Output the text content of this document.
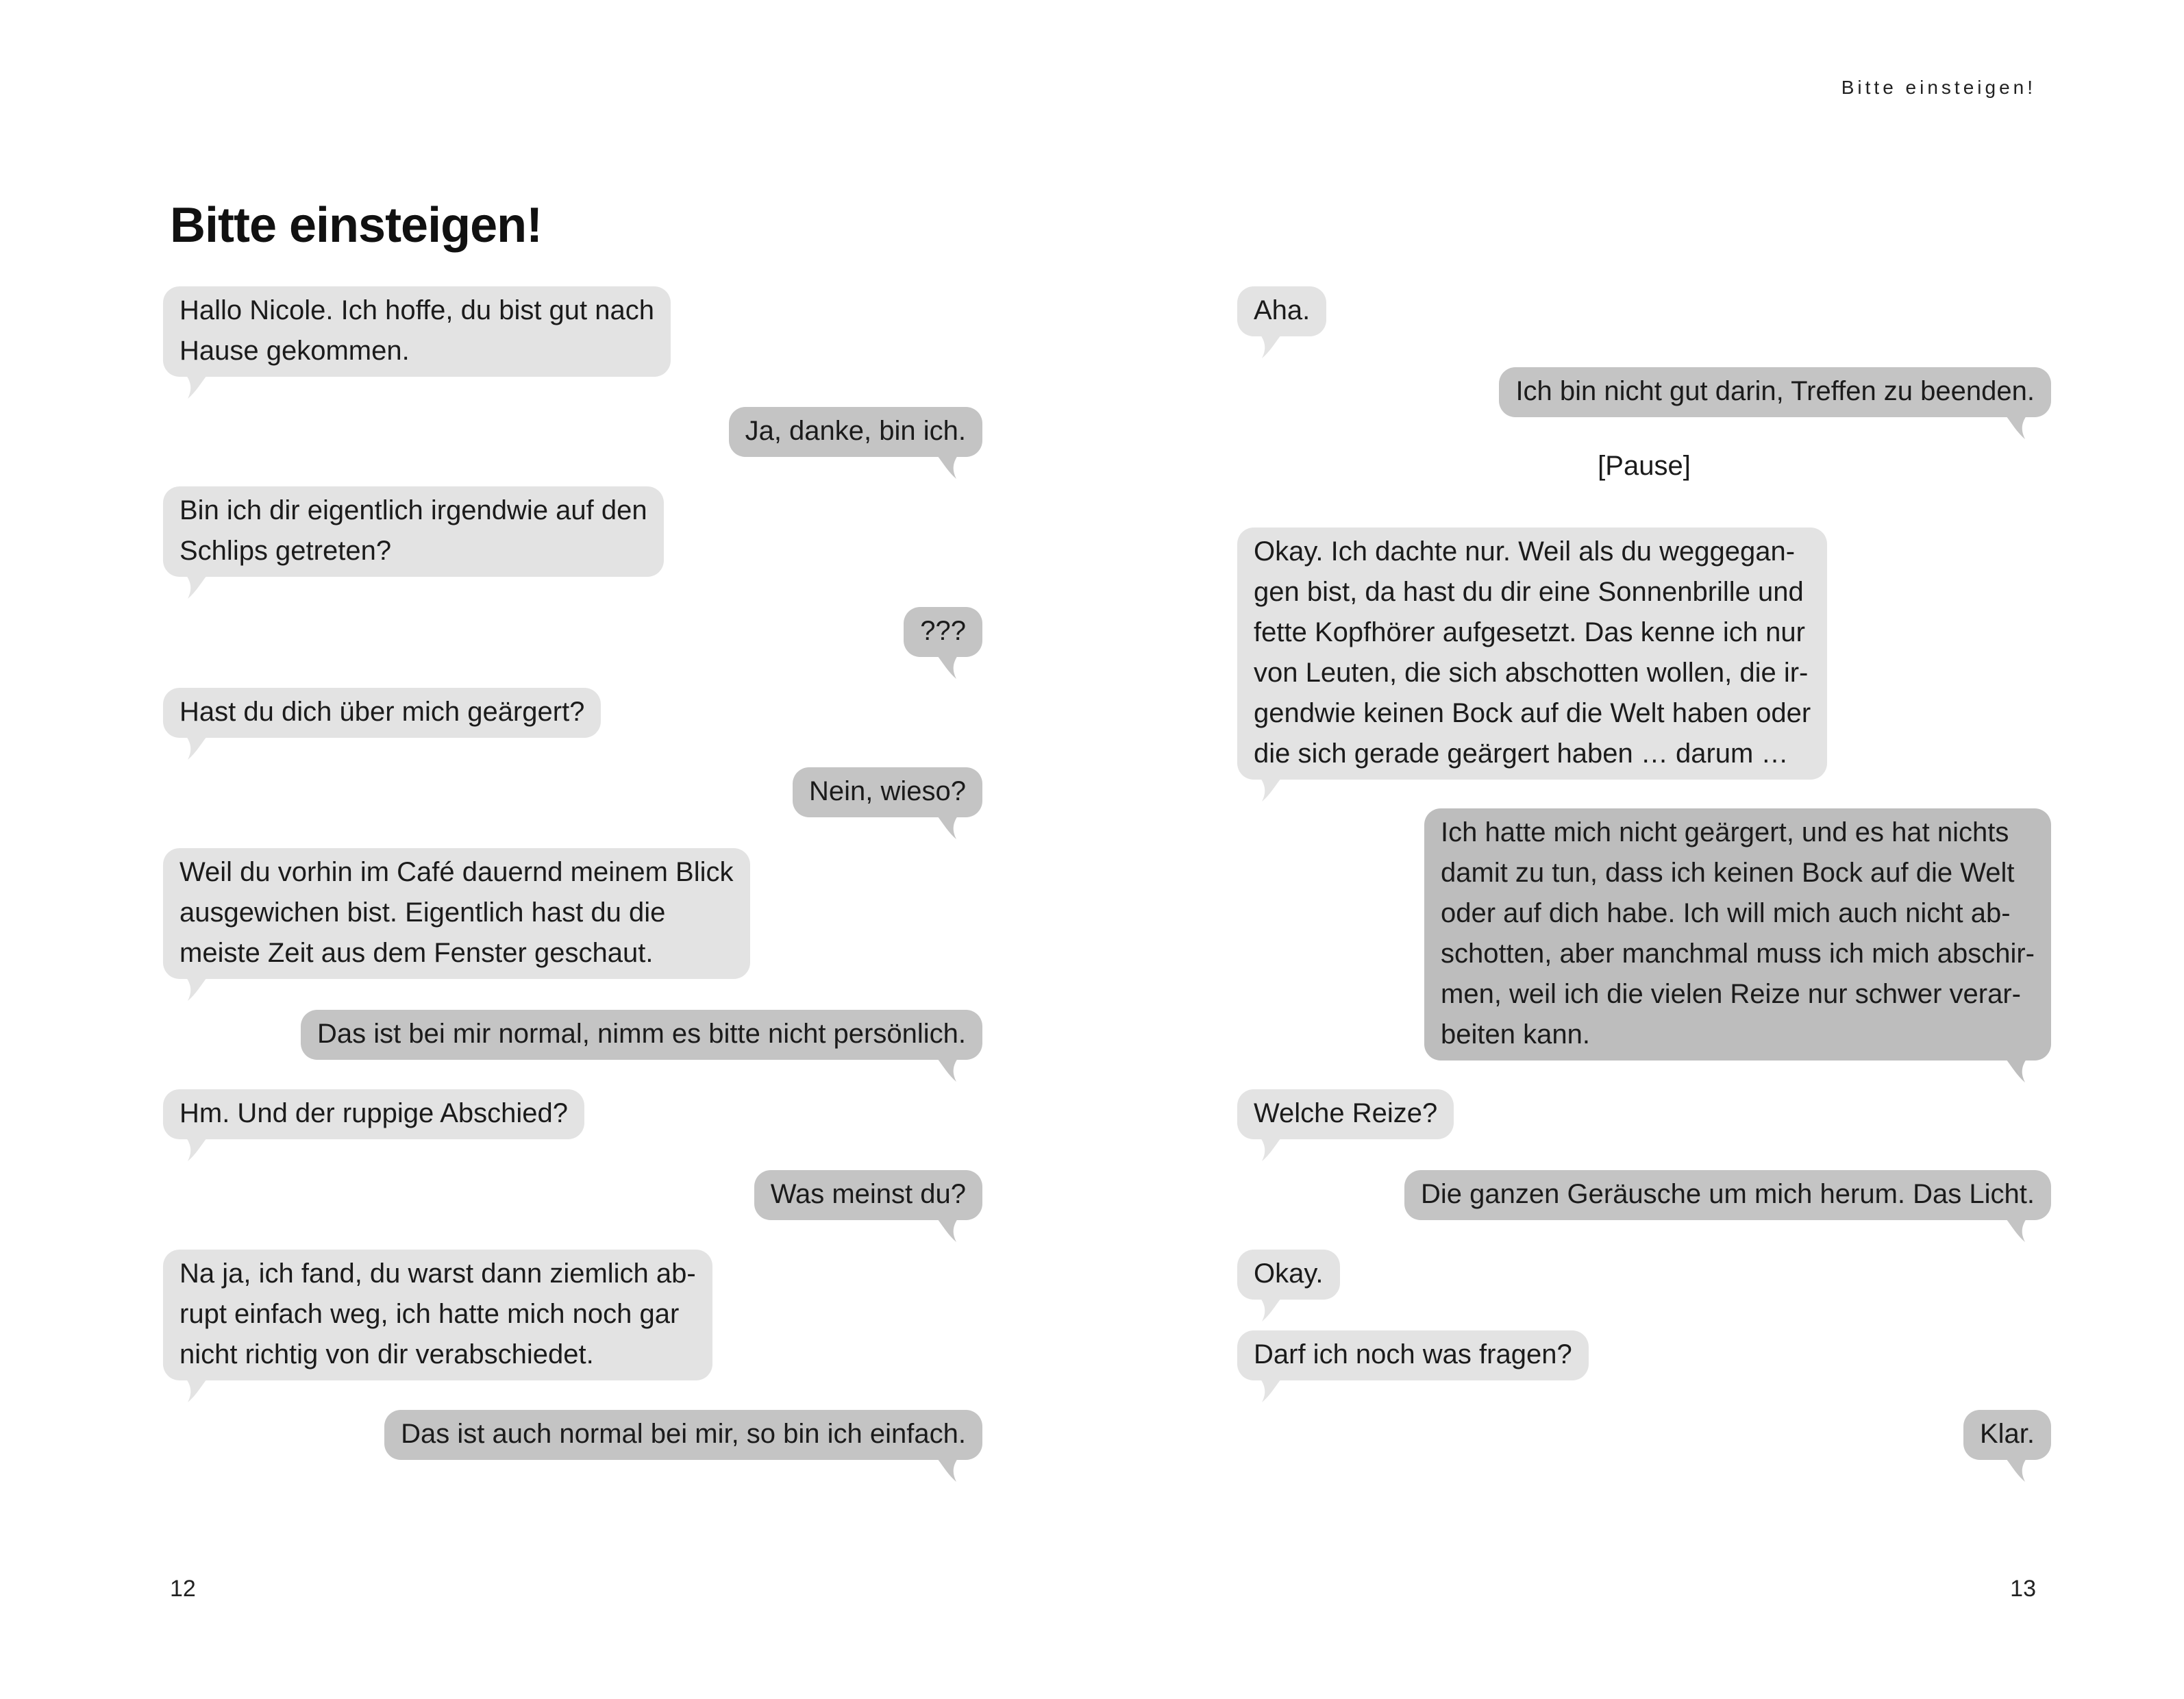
Bitte einsteigen!
Hallo Nicole. Ich hoffe, du bist gut nach
Hause gekommen.
Ja, danke, bin ich.
Bin ich dir eigentlich irgendwie auf den
Schlips getreten?
???
Hast du dich über mich geärgert?
Nein, wieso?
Weil du vorhin im Café dauernd meinem Blick
ausgewichen bist. Eigentlich hast du die
meiste Zeit aus dem Fenster geschaut.
Das ist bei mir normal, nimm es bitte nicht persönlich.
Hm. Und der ruppige Abschied?
Was meinst du?
Na ja, ich fand, du warst dann ziemlich ab-
rupt einfach weg, ich hatte mich noch gar
nicht richtig von dir verabschiedet.
Das ist auch normal bei mir, so bin ich einfach.
12
Bitte einsteigen!
Aha.
Ich bin nicht gut darin, Treffen zu beenden.
[Pause]
Okay. Ich dachte nur. Weil als du weggegan-
gen bist, da hast du dir eine Sonnenbrille und
fette Kopfhörer aufgesetzt. Das kenne ich nur
von Leuten, die sich abschotten wollen, die ir-
gendwie keinen Bock auf die Welt haben oder
die sich gerade geärgert haben … darum …
Ich hatte mich nicht geärgert, und es hat nichts
damit zu tun, dass ich keinen Bock auf die Welt
oder auf dich habe. Ich will mich auch nicht ab-
schotten, aber manchmal muss ich mich abschir-
men, weil ich die vielen Reize nur schwer verar-
beiten kann.
Welche Reize?
Die ganzen Geräusche um mich herum. Das Licht.
Okay.
Darf ich noch was fragen?
Klar.
13
